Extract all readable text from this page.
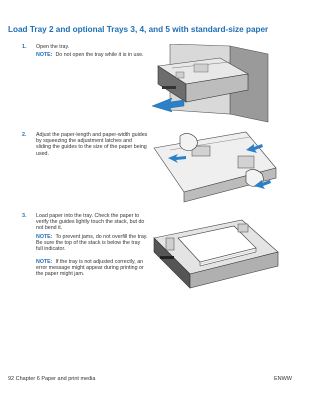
Load Tray 2 and optional Trays 3, 4, and 5 with standard-size paper
1. Open the tray.
NOTE: Do not open the tray while it is in use.
2. Adjust the paper-length and paper-width guides by squeezing the adjustment latches and sliding the guides to the size of the paper being used.
3. Load paper into the tray. Check the paper to verify the guides lightly touch the stack, but do not bend it.
NOTE: To prevent jams, do not overfill the tray. Be sure the top of the stack is below the tray full indicator.
NOTE: If the tray is not adjusted correctly, an error message might appear during printing or the paper might jam.
92 Chapter 6 Paper and print media	ENWW
